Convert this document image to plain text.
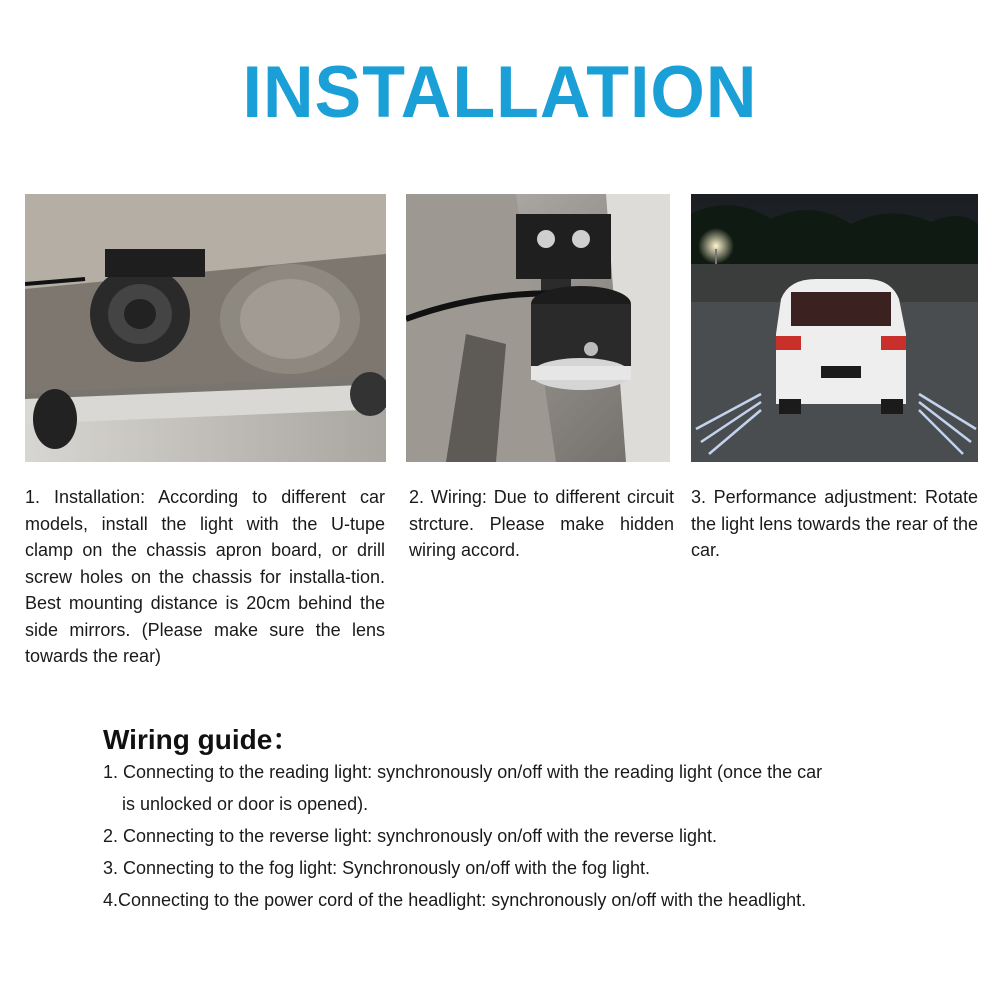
INSTALLATION

1. Installation: According to different car models, install the light with the U-tupe clamp on the chassis apron board, or drill screw holes on the chassis for installa-tion. Best mounting distance is 20cm behind the side mirrors. (Please make sure the lens towards the rear)

2. Wiring: Due to different circuit strcture. Please make hidden wiring accord.

3. Performance adjustment: Rotate the light lens towards the rear of the car.

Wiring guide：
1. Connecting to the reading light: synchronously on/off with the reading light (once the car
is unlocked or door is opened).
2. Connecting to the reverse light: synchronously on/off with the reverse light.
3. Connecting to the fog light: Synchronously on/off with the fog light.
4.Connecting to the power cord of the headlight: synchronously on/off with the headlight.
